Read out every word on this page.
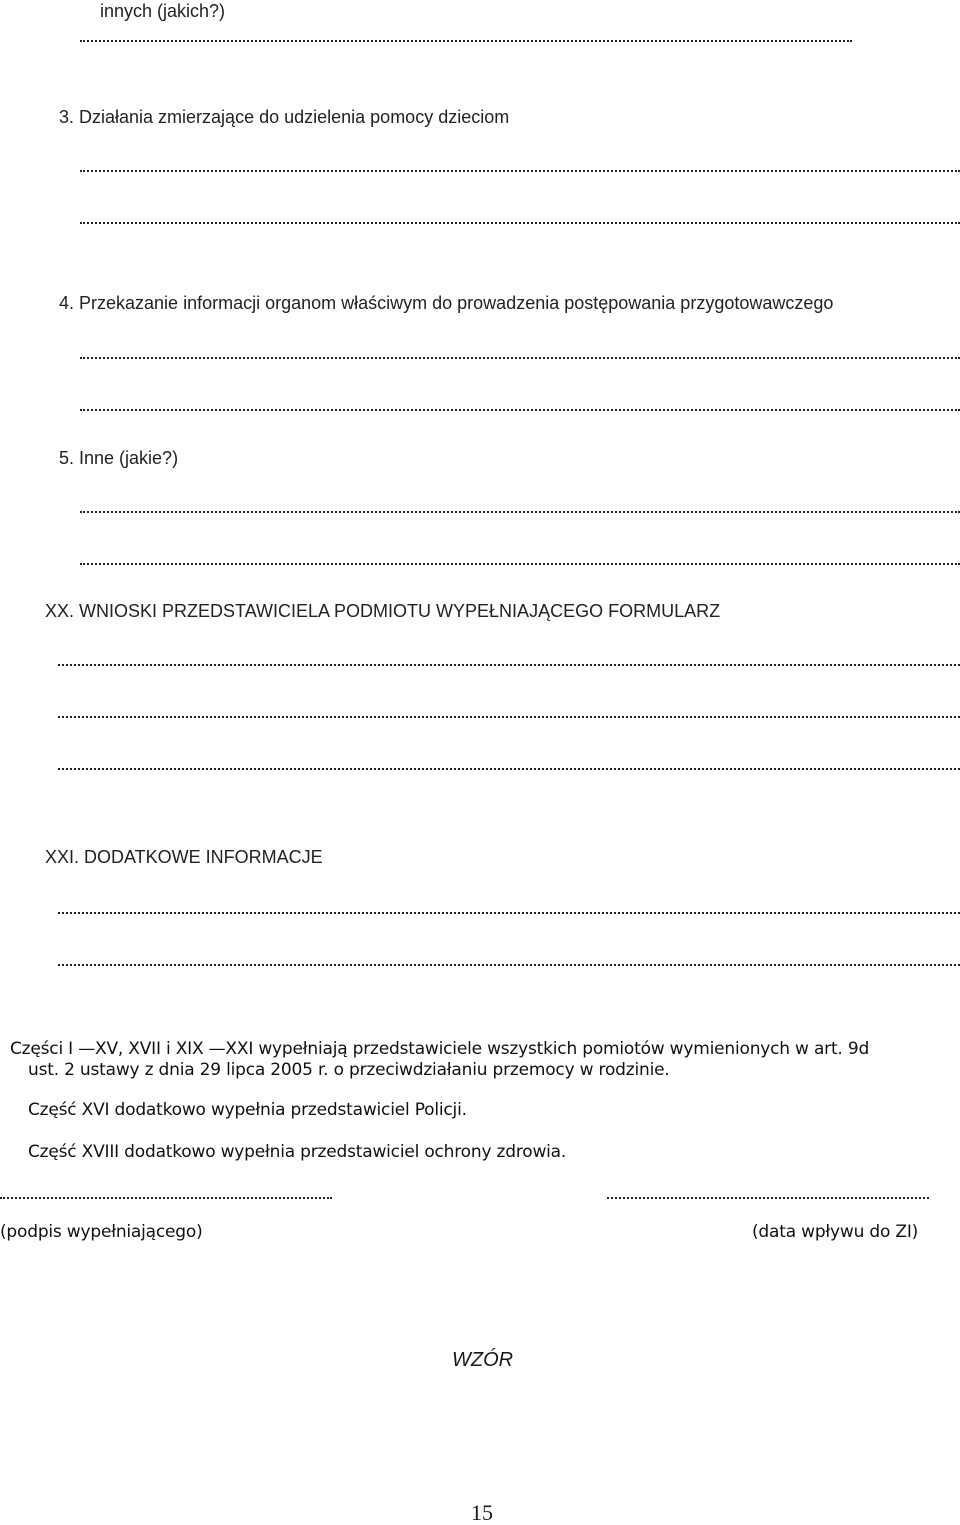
innych (jakich?)
3. Działania zmierzające do udzielenia pomocy dzieciom
4. Przekazanie informacji organom właściwym do prowadzenia postępowania przygotowawczego
5. Inne (jakie?)
XX. WNIOSKI PRZEDSTAWICIELA PODMIOTU WYPEŁNIAJĄCEGO FORMULARZ
XXI. DODATKOWE INFORMACJE
Części I —XV, XVII i XIX —XXI wypełniają przedstawiciele wszystkich pomiotów wymienionych w art. 9d
ust. 2 ustawy z dnia 29 lipca 2005 r. o przeciwdziałaniu przemocy w rodzinie.
Część XVI dodatkowo wypełnia przedstawiciel Policji.
Część XVIII dodatkowo wypełnia przedstawiciel ochrony zdrowia.
(podpis wypełniającego)	(data wpływu do ZI)
WZÓR
15
